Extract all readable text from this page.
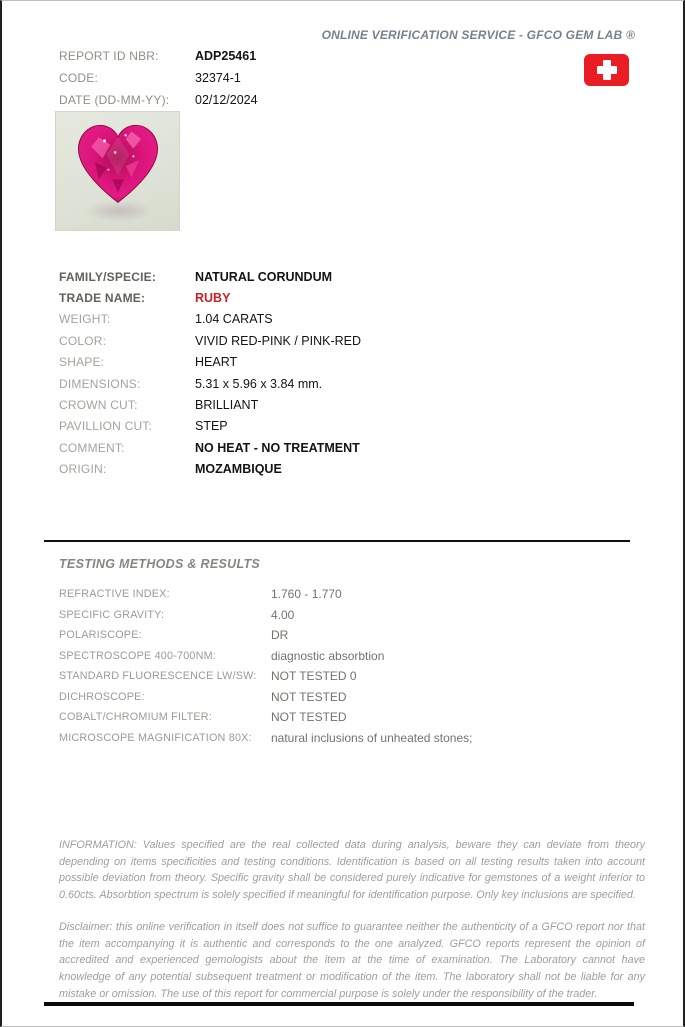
ONLINE VERIFICATION SERVICE - GFCO GEM LAB ®
REPORT ID NBR:	ADP25461
CODE:	32374-1
DATE (DD-MM-YY):	02/12/2024
FAMILY/SPECIE:	NATURAL CORUNDUM
TRADE NAME:	RUBY
WEIGHT:	1.04 CARATS
COLOR:	VIVID RED-PINK / PINK-RED
SHAPE:	HEART
DIMENSIONS:	5.31 x 5.96 x 3.84 mm.
CROWN CUT:	BRILLIANT
PAVILLION CUT:	STEP
COMMENT:	NO HEAT - NO TREATMENT
ORIGIN:	MOZAMBIQUE
TESTING METHODS & RESULTS
REFRACTIVE INDEX:	1.760 - 1.770
SPECIFIC GRAVITY:	4.00
POLARISCOPE:	DR
SPECTROSCOPE 400-700NM:	diagnostic absorbtion
STANDARD FLUORESCENCE LW/SW:	NOT TESTED 0
DICHROSCOPE:	NOT TESTED
COBALT/CHROMIUM FILTER:	NOT TESTED
MICROSCOPE MAGNIFICATION 80X:	natural inclusions of unheated stones;
INFORMATION: Values specified are the real collected data during analysis, beware they can deviate from theory depending on items specificities and testing conditions. Identification is based on all testing results taken into account possible deviation from theory. Specific gravity shall be considered purely indicative for gemstones of a weight inferior to 0.60cts. Absorbtion spectrum is solely specified if meaningful for identification purpose. Only key inclusions are specified.
Disclaimer: this online verification in itself does not suffice to guarantee neither the authenticity of a GFCO report nor that the item accompanying it is authentic and corresponds to the one analyzed. GFCO reports represent the opinion of accredited and experienced gemologists about the item at the time of examination. The Laboratory cannot have knowledge of any potential subsequent treatment or modification of the item. The laboratory shall not be liable for any mistake or omission. The use of this report for commercial purpose is solely under the responsibility of the trader.
